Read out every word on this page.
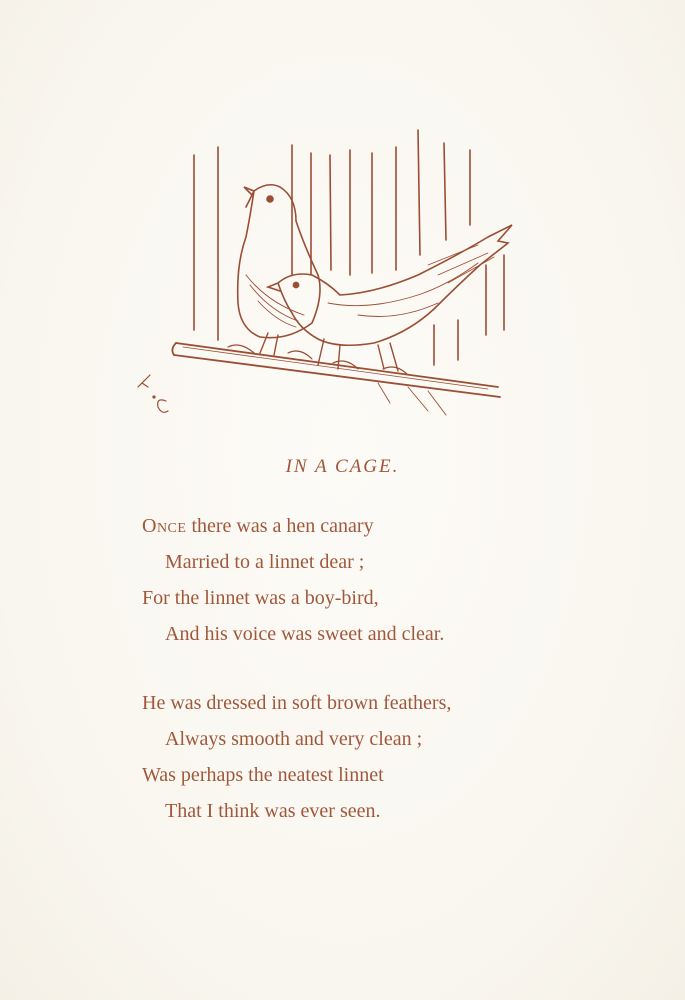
IN A CAGE.
Once there was a hen canary
Married to a linnet dear ;
For the linnet was a boy-bird,
And his voice was sweet and clear.
He was dressed in soft brown feathers,
Always smooth and very clean ;
Was perhaps the neatest linnet
That I think was ever seen.
